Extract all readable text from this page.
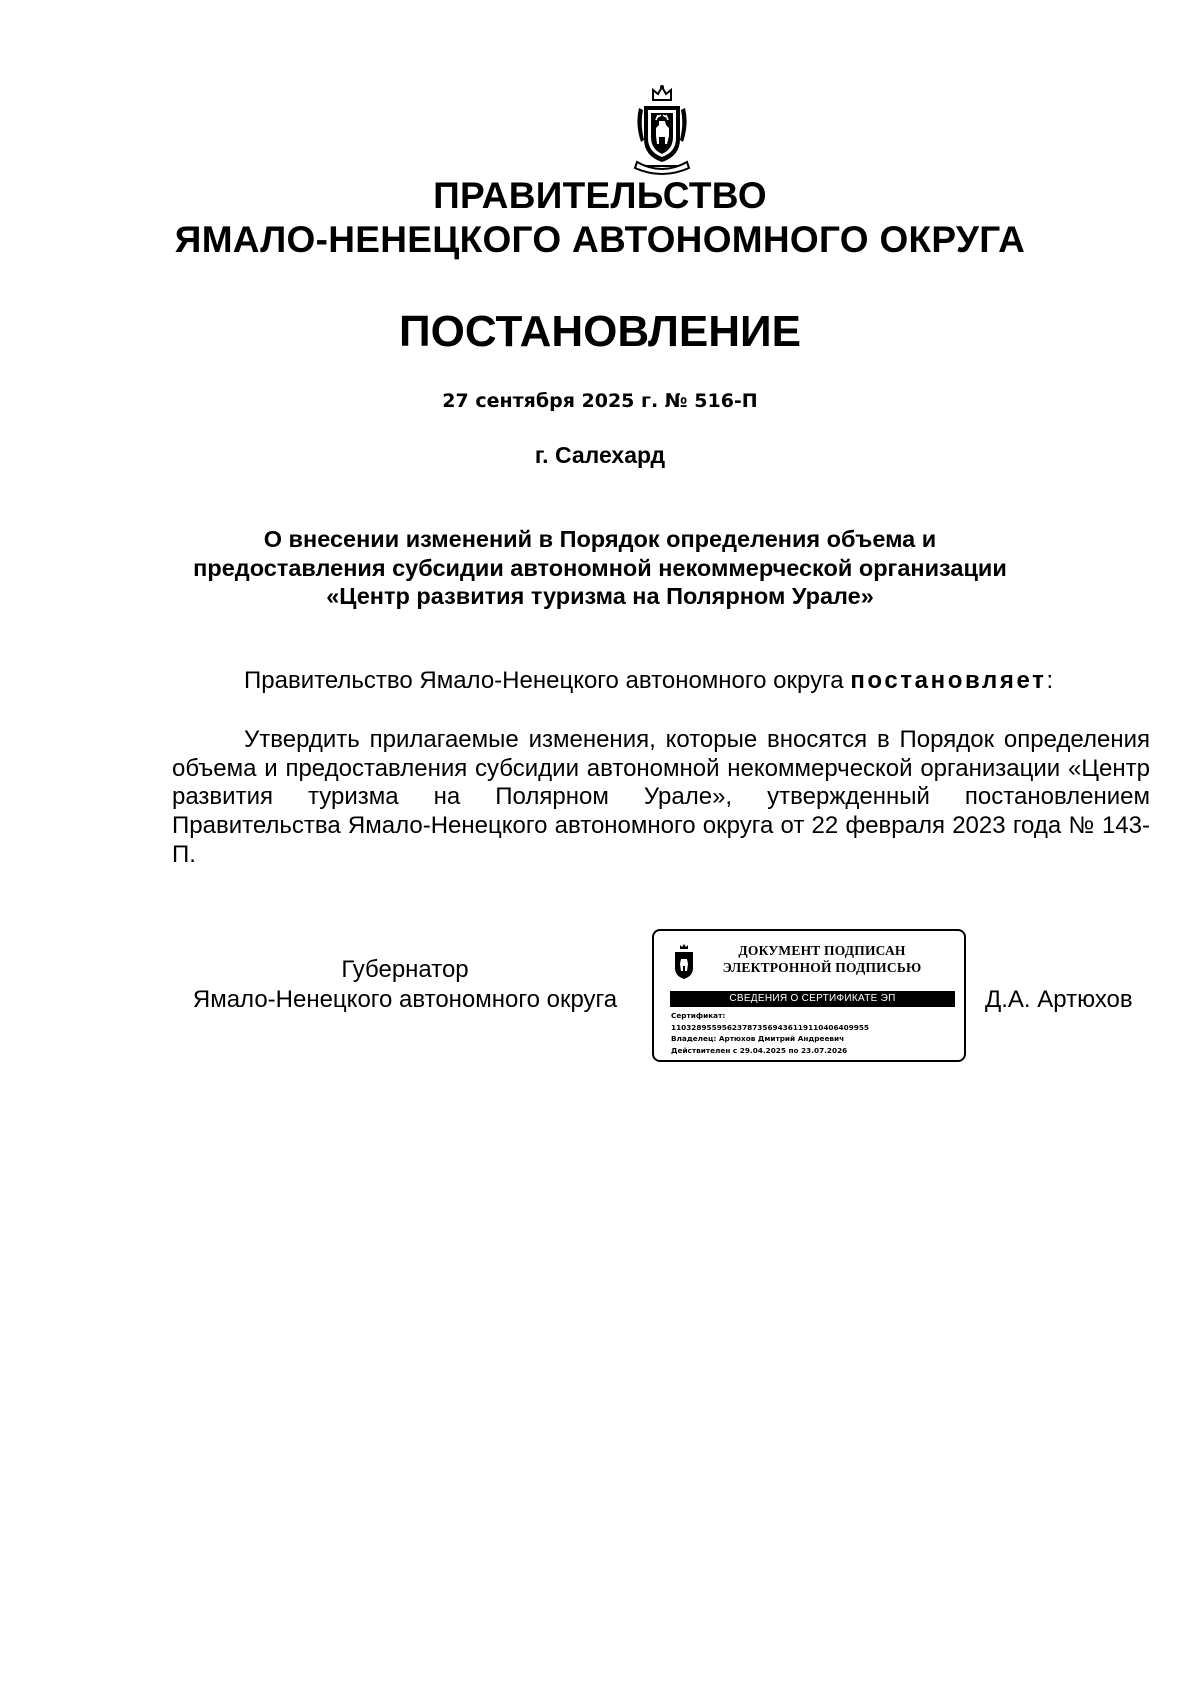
ПРАВИТЕЛЬСТВО
ЯМАЛО-НЕНЕЦКОГО АВТОНОМНОГО ОКРУГА
ПОСТАНОВЛЕНИЕ
27 сентября 2025 г. № 516-П
г. Салехард
О внесении изменений в Порядок определения объема и
предоставления субсидии автономной некоммерческой организации
«Центр развития туризма на Полярном Урале»
Правительство Ямало-Ненецкого автономного округа постановляет:
Утвердить прилагаемые изменения, которые вносятся в Порядок определения объема и предоставления субсидии автономной некоммерческой организации «Центр развития туризма на Полярном Урале», утвержденный постановлением Правительства Ямало-Ненецкого автономного округа от 22 февраля 2023 года № 143-П.
Губернатор
Ямало-Ненецкого автономного округа
ДОКУМЕНТ ПОДПИСАН
ЭЛЕКТРОННОЙ ПОДПИСЬЮ
СВЕДЕНИЯ О СЕРТИФИКАТЕ ЭП
Сертификат:
11032895595623787356943611911040640995​5
Владелец: Артюхов Дмитрий Андреевич
Действителен с 29.04.2025 по 23.07.2026
Д.А. Артюхов
